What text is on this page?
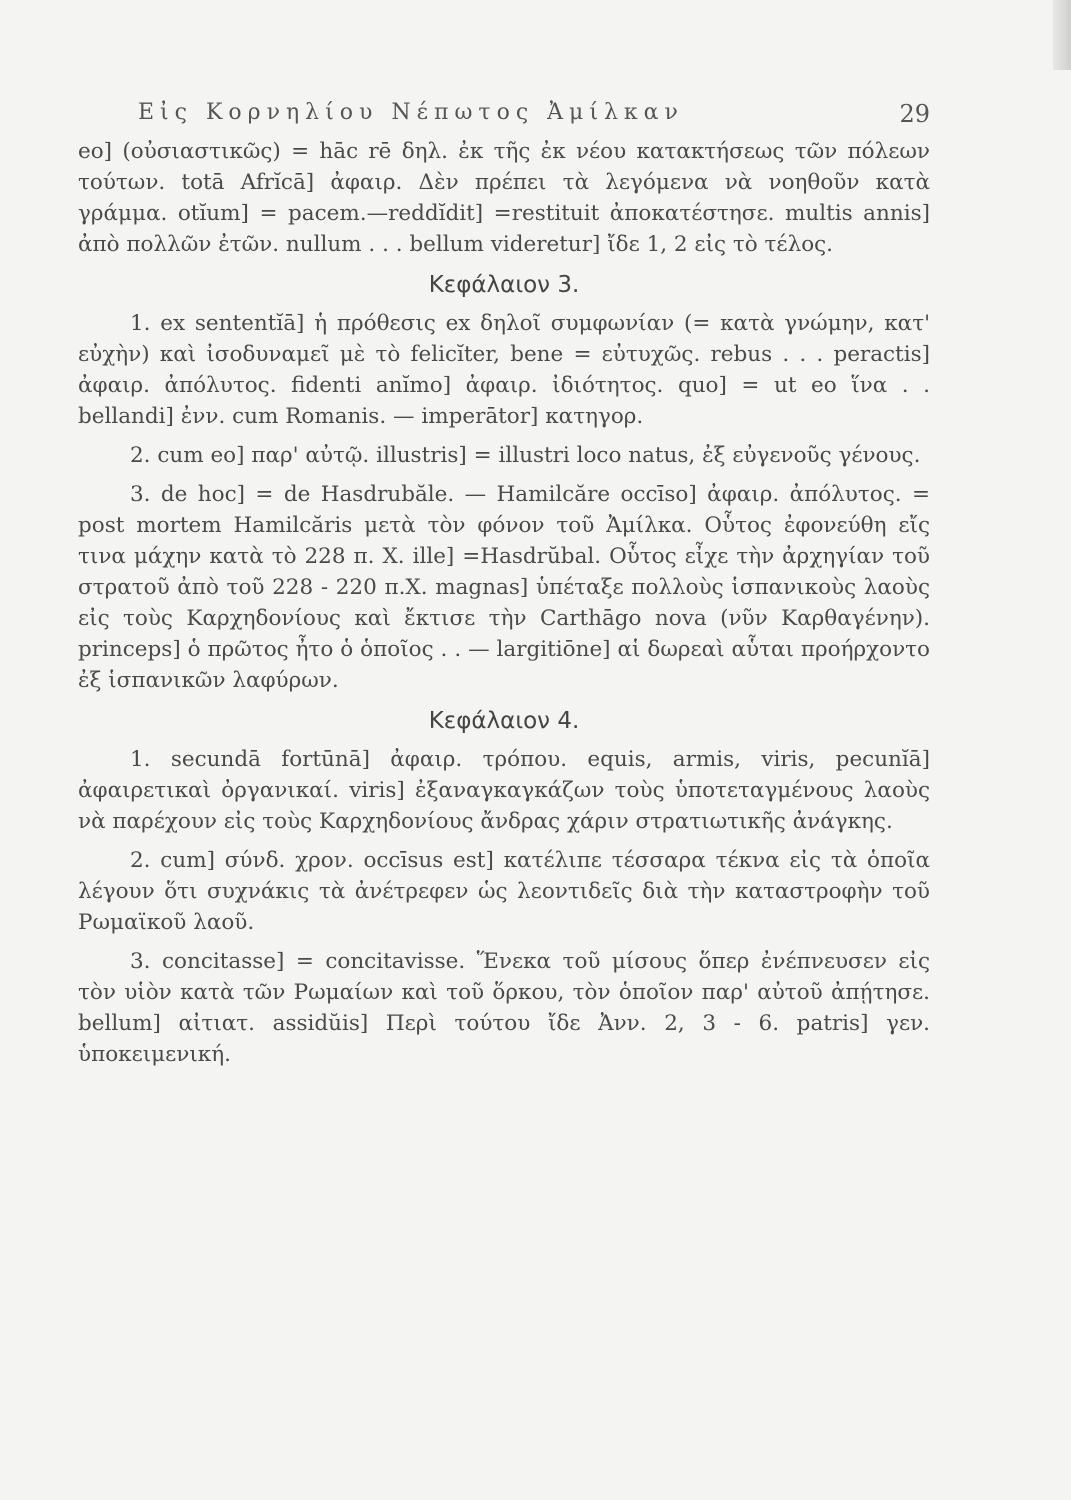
Εἰς Κορνηλίου Νέπωτος Ἀμίλκαν	29

eo] (οὐσιαστικῶς) = hāc rē δηλ. ἐκ τῆς ἐκ νέου κατακτήσεως τῶν πόλεων τούτων. totā Afrĭcā] ἀφαιρ. Δὲν πρέπει τὰ λεγόμενα νὰ νοηθοῦν κατὰ γράμμα. otĭum] = pacem.—reddĭdit] =restituit ἀποκατέστησε. multis annis] ἀπὸ πολλῶν ἐτῶν. nullum . . . bellum videretur] ἴδε 1, 2 εἰς τὸ τέλος.

Κεφάλαιον 3.

1. ex sententĭā] ἡ πρόθεσις ex δηλοῖ συμφωνίαν (= κατὰ γνώμην, κατ' εὐχὴν) καὶ ἰσοδυναμεῖ μὲ τὸ felicĭter, bene = εὐτυχῶς. rebus . . . peractis] ἀφαιρ. ἀπόλυτος. fidenti anĭmo] ἀφαιρ. ἰδιότητος. quo] = ut eo ἵνα . . bellandi] ἐνν. cum Romanis. — imperātor] κατηγορ.

2. cum eo] παρ' αὐτῷ. illustris] = illustri loco natus, ἐξ εὐγενοῦς γένους.

3. de hoc] = de Hasdrubăle. — Hamilcăre occīso] ἀφαιρ. ἀπόλυτος. = post mortem Hamilcăris μετὰ τὸν φόνον τοῦ Ἀμίλκα. Οὗτος ἐφονεύθη εἴς τινα μάχην κατὰ τὸ 228 π. Χ. ille] =Hasdrŭbal. Οὗτος εἶχε τὴν ἀρχηγίαν τοῦ στρατοῦ ἀπὸ τοῦ 228 - 220 π.Χ. magnas] ὑπέταξε πολλοὺς ἱσπανικοὺς λαοὺς εἰς τοὺς Καρχηδονίους καὶ ἔκτισε τὴν Carthāgo nova (νῦν Καρθαγένην). princeps] ὁ πρῶτος ἦτο ὁ ὁποῖος . . — largitiōne] αἱ δωρεαὶ αὗται προήρχοντο ἐξ ἱσπανικῶν λαφύρων.

Κεφάλαιον 4.

1. secundā fortūnā] ἀφαιρ. τρόπου. equis, armis, viris, pecunĭā] ἀφαιρετικαὶ ὀργανικαί. viris] ἐξαναγκαγκάζων τοὺς ὑποτεταγμένους λαοὺς νὰ παρέχουν εἰς τοὺς Καρχηδονίους ἄνδρας χάριν στρατιωτικῆς ἀνάγκης.

2. cum] σύνδ. χρον. occīsus est] κατέλιπε τέσσαρα τέκνα εἰς τὰ ὁποῖα λέγουν ὅτι συχνάκις τὰ ἀνέτρεφεν ὡς λεοντιδεῖς διὰ τὴν καταστροφὴν τοῦ Ρωμαϊκοῦ λαοῦ.

3. concitasse] = concitavisse. Ἕνεκα τοῦ μίσους ὅπερ ἐνέπνευσεν εἰς τὸν υἱὸν κατὰ τῶν Ρωμαίων καὶ τοῦ ὅρκου, τὸν ὁποῖον παρ' αὐτοῦ ἀπῄτησε. bellum] αἰτιατ. assidŭis] Περὶ τούτου ἴδε Ἀνν. 2, 3 - 6. patris] γεν. ὑποκειμενική.
